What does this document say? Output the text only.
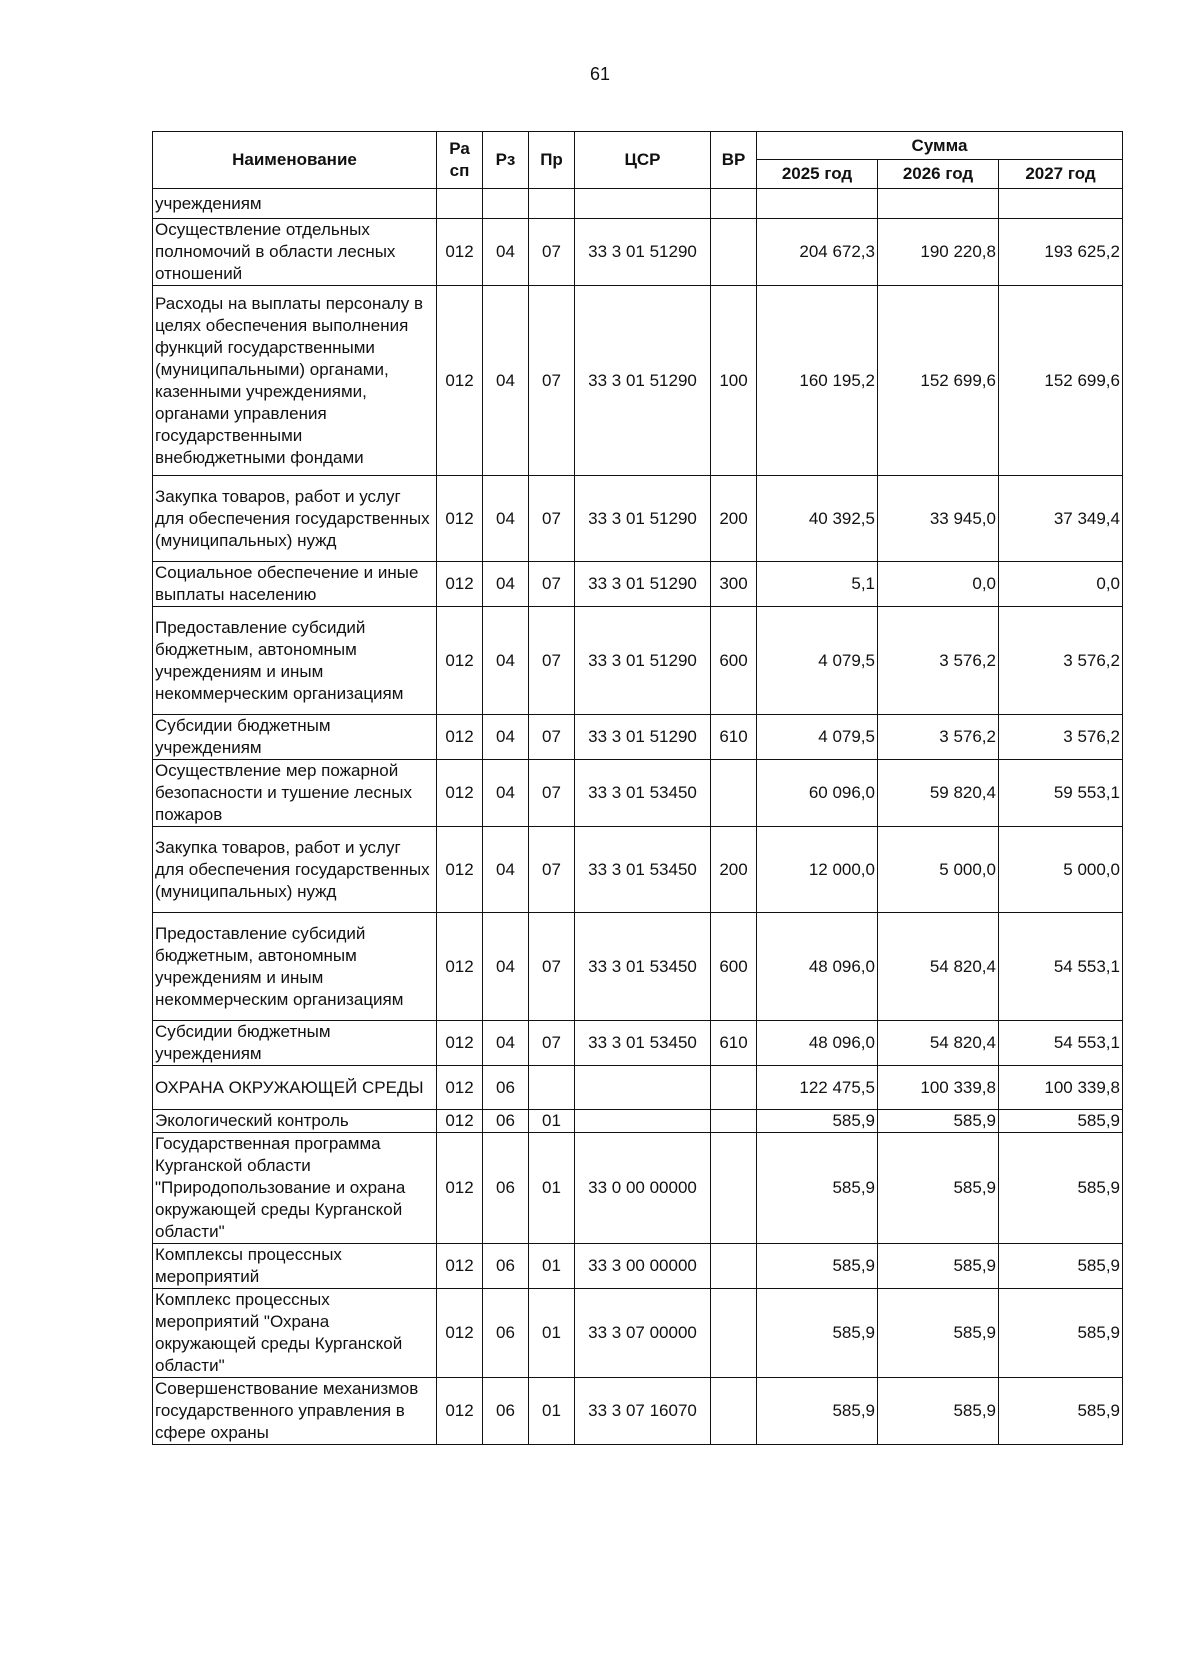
61
Наименование	Ра сп	Рз	Пр	ЦСР	ВР	Сумма		
						2025 год	2026 год	2027 год
учреждениям								
Осуществление отдельных полномочий в области лесных отношений	012	04	07	33 3 01 51290		204 672,3	190 220,8	193 625,2
Расходы на выплаты персоналу в целях обеспечения выполнения функций государственными (муниципальными) органами, казенными учреждениями, органами управления государственными внебюджетными фондами	012	04	07	33 3 01 51290	100	160 195,2	152 699,6	152 699,6
Закупка товаров, работ и услуг для обеспечения государственных (муниципальных) нужд	012	04	07	33 3 01 51290	200	40 392,5	33 945,0	37 349,4
Социальное обеспечение и иные выплаты населению	012	04	07	33 3 01 51290	300	5,1	0,0	0,0
Предоставление субсидий бюджетным, автономным учреждениям и иным некоммерческим организациям	012	04	07	33 3 01 51290	600	4 079,5	3 576,2	3 576,2
Субсидии бюджетным учреждениям	012	04	07	33 3 01 51290	610	4 079,5	3 576,2	3 576,2
Осуществление мер пожарной безопасности и тушение лесных пожаров	012	04	07	33 3 01 53450		60 096,0	59 820,4	59 553,1
Закупка товаров, работ и услуг для обеспечения государственных (муниципальных) нужд	012	04	07	33 3 01 53450	200	12 000,0	5 000,0	5 000,0
Предоставление субсидий бюджетным, автономным учреждениям и иным некоммерческим организациям	012	04	07	33 3 01 53450	600	48 096,0	54 820,4	54 553,1
Субсидии бюджетным учреждениям	012	04	07	33 3 01 53450	610	48 096,0	54 820,4	54 553,1
ОХРАНА ОКРУЖАЮЩЕЙ СРЕДЫ	012	06				122 475,5	100 339,8	100 339,8
Экологический контроль	012	06	01			585,9	585,9	585,9
Государственная программа Курганской области "Природопользование и охрана окружающей среды Курганской области"	012	06	01	33 0 00 00000		585,9	585,9	585,9
Комплексы процессных мероприятий	012	06	01	33 3 00 00000		585,9	585,9	585,9
Комплекс процессных мероприятий "Охрана окружающей среды Курганской области"	012	06	01	33 3 07 00000		585,9	585,9	585,9
Совершенствование механизмов государственного управления в сфере охраны	012	06	01	33 3 07 16070		585,9	585,9	585,9
